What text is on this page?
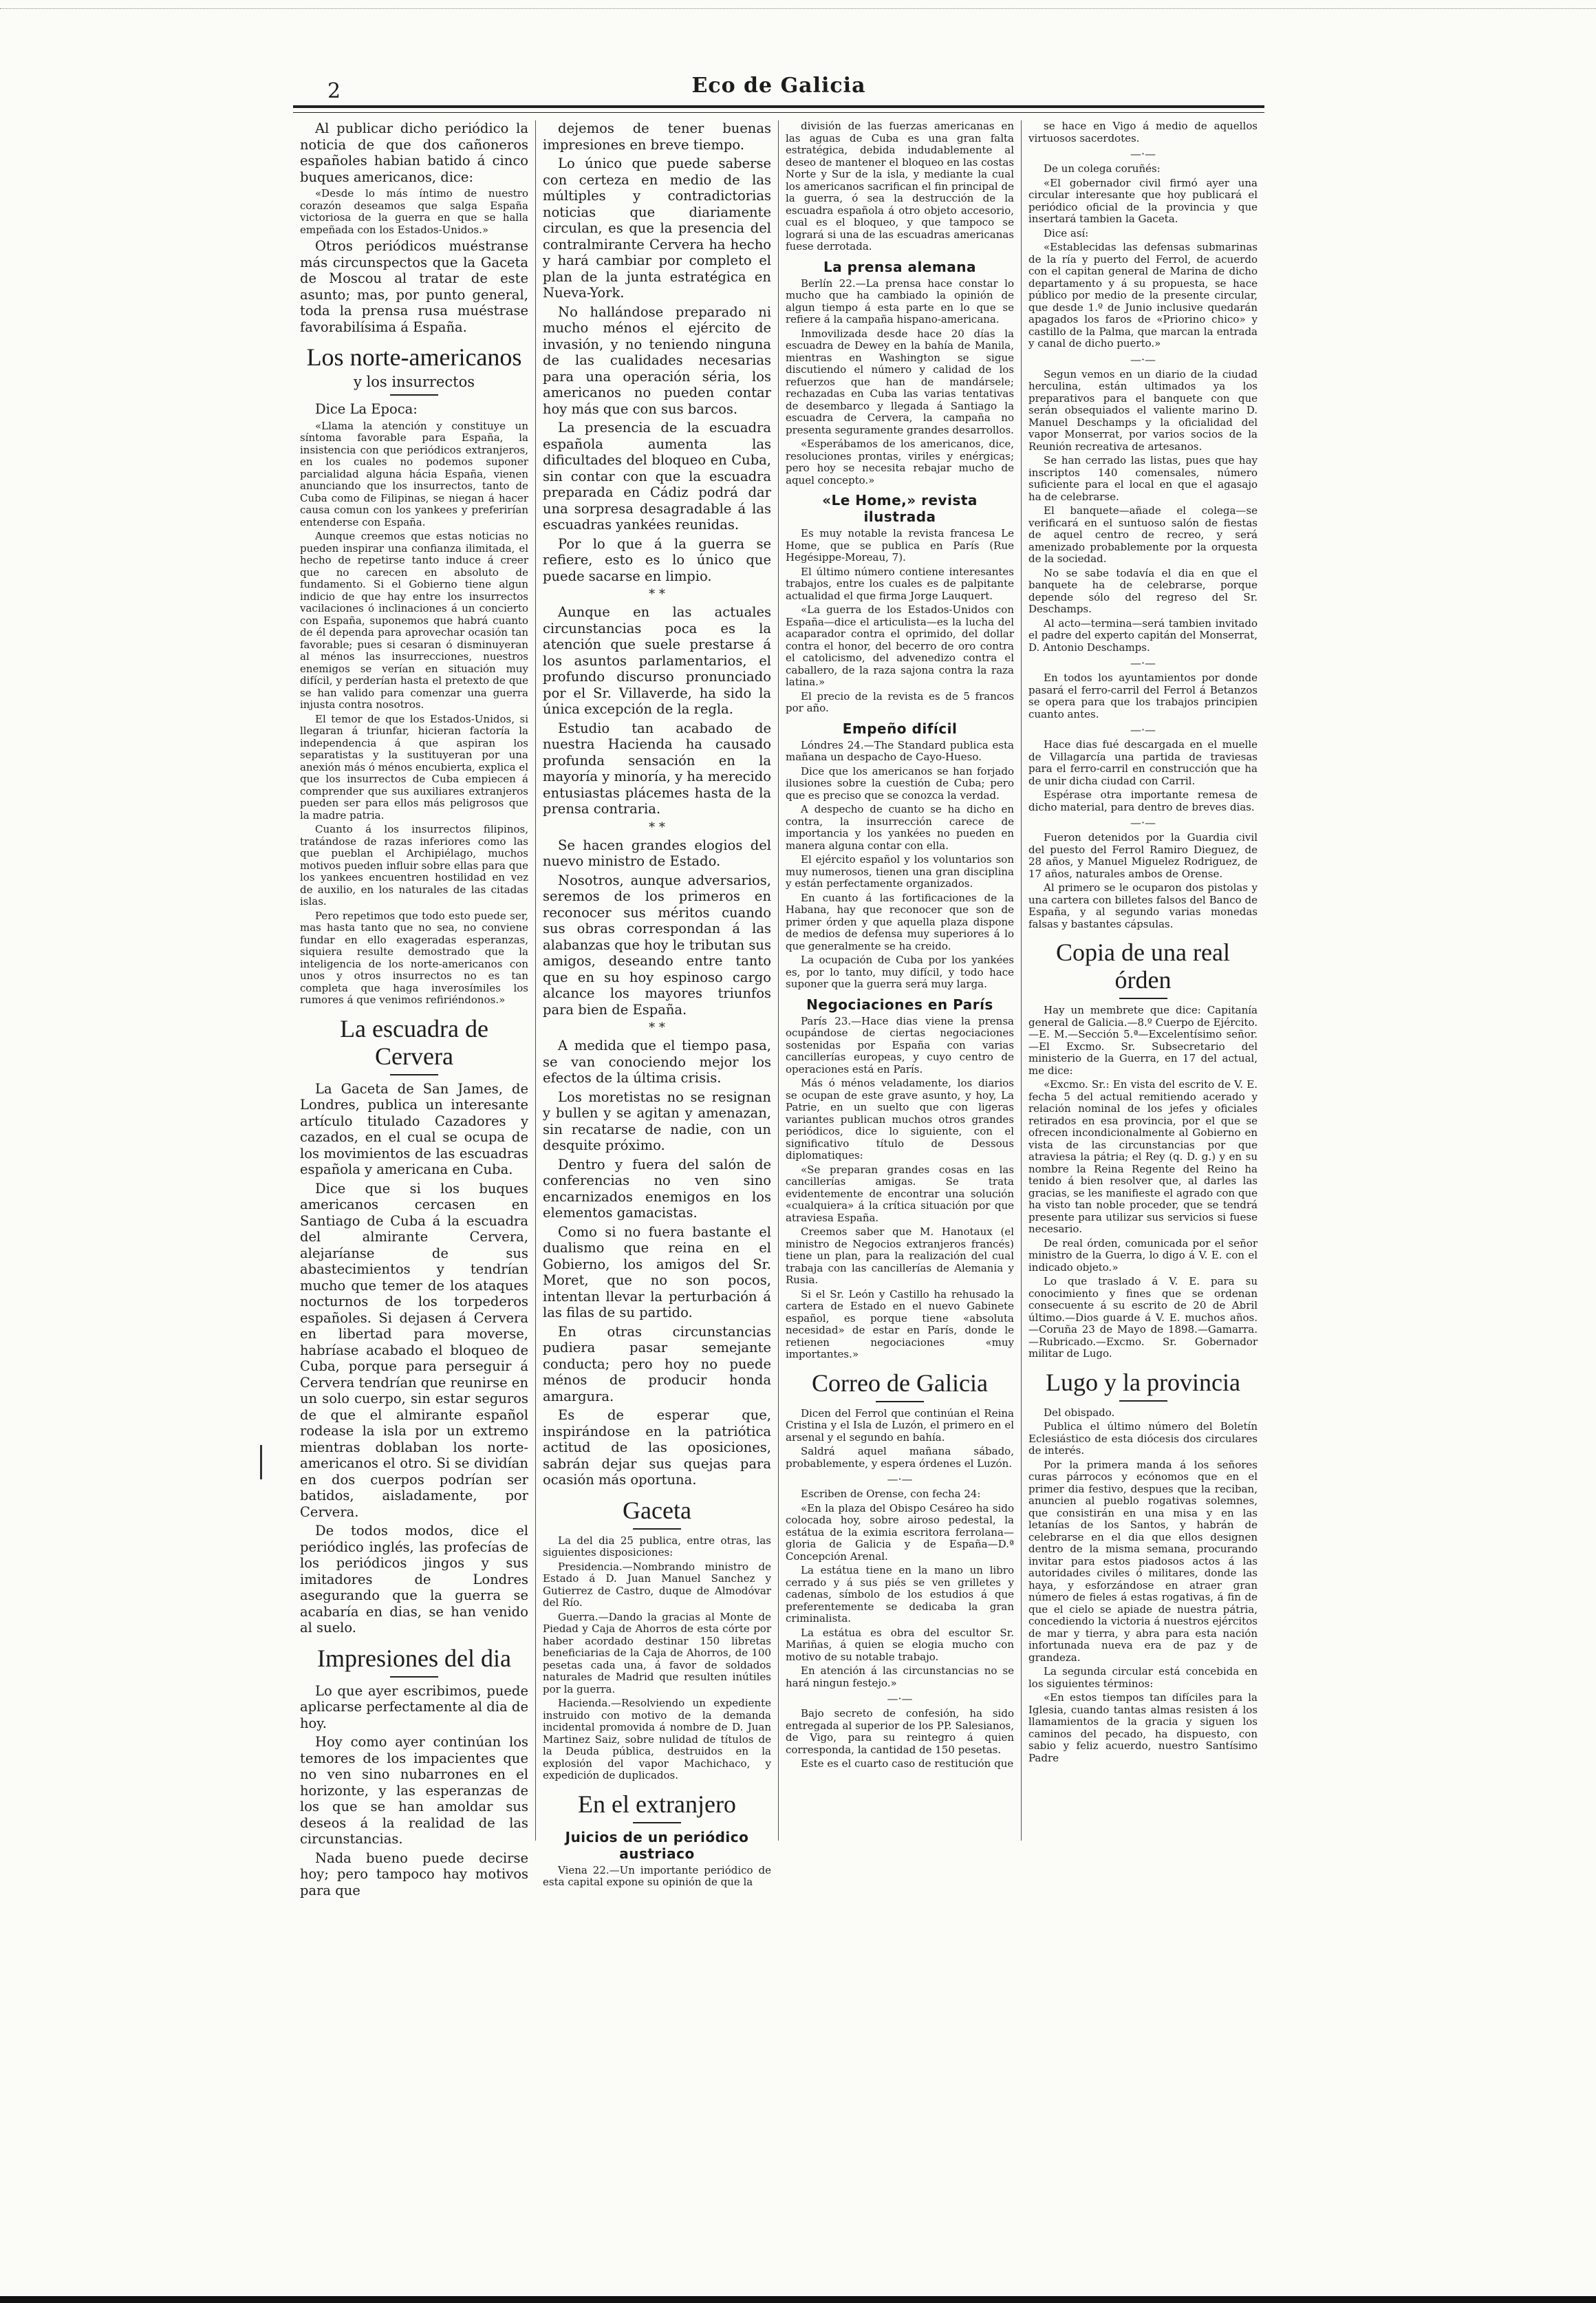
2	Eco de Galicia

Al publicar dicho periódico la noticia de que dos cañoneros españoles habian batido á cinco buques americanos, dice:

«Desde lo más íntimo de nuestro corazón deseamos que salga España victoriosa de la guerra en que se halla empeñada con los Estados-Unidos.»

Otros periódicos muéstranse más circunspectos que la Gaceta de Moscou al tratar de este asunto; mas, por punto general, toda la prensa rusa muéstrase favorabilísima á España.

Los norte-americanos
y los insurrectos

Dice La Epoca:

«Llama la atención y constituye un síntoma favorable para España, la insistencia con que periódicos extranjeros, en los cuales no podemos suponer parcialidad alguna hácia España, vienen anunciando que los insurrectos, tanto de Cuba como de Filipinas, se niegan á hacer causa comun con los yankees y preferirían entenderse con España.

Aunque creemos que estas noticias no pueden inspirar una confianza ilimitada, el hecho de repetirse tanto induce á creer que no carecen en absoluto de fundamento. Si el Gobierno tiene algun indicio de que hay entre los insurrectos vacilaciones ó inclinaciones á un concierto con España, suponemos que habrá cuanto de él dependa para aprovechar ocasión tan favorable; pues si cesaran ó disminuyeran al ménos las insurrecciones, nuestros enemigos se verían en situación muy difícil, y perderían hasta el pretexto de que se han valido para comenzar una guerra injusta contra nosotros.

El temor de que los Estados-Unidos, si llegaran á triunfar, hicieran factoría la independencia á que aspiran los separatistas y la sustituyeran por una anexión más ó ménos encubierta, explica el que los insurrectos de Cuba empiecen á comprender que sus auxiliares extranjeros pueden ser para ellos más peligrosos que la madre patria.

Cuanto á los insurrectos filipinos, tratándose de razas inferiores como las que pueblan el Archipiélago, muchos motivos pueden influir sobre ellas para que los yankees encuentren hostilidad en vez de auxilio, en los naturales de las citadas islas.

Pero repetimos que todo esto puede ser, mas hasta tanto que no sea, no conviene fundar en ello exageradas esperanzas, siquiera resulte demostrado que la inteligencia de los norte-americanos con unos y otros insurrectos no es tan completa que haga inverosímiles los rumores á que venimos refiriéndonos.»

La escuadra de Cervera

La Gaceta de San James, de Londres, publica un interesante artículo titulado Cazadores y cazados, en el cual se ocupa de los movimientos de las escuadras española y americana en Cuba.

Dice que si los buques americanos cercasen en Santiago de Cuba á la escuadra del almirante Cervera, alejaríanse de sus abastecimientos y tendrían mucho que temer de los ataques nocturnos de los torpederos españoles. Si dejasen á Cervera en libertad para moverse, habríase acabado el bloqueo de Cuba, porque para perseguir á Cervera tendrían que reunirse en un solo cuerpo, sin estar seguros de que el almirante español rodease la isla por un extremo mientras doblaban los norte-americanos el otro. Si se dividían en dos cuerpos podrían ser batidos, aisladamente, por Cervera.

De todos modos, dice el periódico inglés, las profecías de los periódicos jingos y sus imitadores de Londres asegurando que la guerra se acabaría en dias, se han venido al suelo.

Impresiones del dia

Lo que ayer escribimos, puede aplicarse perfectamente al dia de hoy.

Hoy como ayer continúan los temores de los impacientes que no ven sino nubarrones en el horizonte, y las esperanzas de los que se han amoldar sus deseos á la realidad de las circunstancias.

Nada bueno puede decirse hoy; pero tampoco hay motivos para que

dejemos de tener buenas impresiones en breve tiempo.

Lo único que puede saberse con certeza en medio de las múltiples y contradictorias noticias que diariamente circulan, es que la presencia del contralmirante Cervera ha hecho y hará cambiar por completo el plan de la junta estratégica en Nueva-York.

No hallándose preparado ni mucho ménos el ejército de invasión, y no teniendo ninguna de las cualidades necesarias para una operación séria, los americanos no pueden contar hoy más que con sus barcos.

La presencia de la escuadra española aumenta las dificultades del bloqueo en Cuba, sin contar con que la escuadra preparada en Cádiz podrá dar una sorpresa desagradable á las escuadras yankées reunidas.

Por lo que á la guerra se refiere, esto es lo único que puede sacarse en limpio.

* *

Aunque en las actuales circunstancias poca es la atención que suele prestarse á los asuntos parlamentarios, el profundo discurso pronunciado por el Sr. Villaverde, ha sido la única excepción de la regla.

Estudio tan acabado de nuestra Hacienda ha causado profunda sensación en la mayoría y minoría, y ha merecido entusiastas plácemes hasta de la prensa contraria.

* *

Se hacen grandes elogios del nuevo ministro de Estado.

Nosotros, aunque adversarios, seremos de los primeros en reconocer sus méritos cuando sus obras correspondan á las alabanzas que hoy le tributan sus amigos, deseando entre tanto que en su hoy espinoso cargo alcance los mayores triunfos para bien de España.

* *

A medida que el tiempo pasa, se van conociendo mejor los efectos de la última crisis.

Los moretistas no se resignan y bullen y se agitan y amenazan, sin recatarse de nadie, con un desquite próximo.

Dentro y fuera del salón de conferencias no ven sino encarnizados enemigos en los elementos gamacistas.

Como si no fuera bastante el dualismo que reina en el Gobierno, los amigos del Sr. Moret, que no son pocos, intentan llevar la perturbación á las filas de su partido.

En otras circunstancias pudiera pasar semejante conducta; pero hoy no puede ménos de producir honda amargura.

Es de esperar que, inspirándose en la patriótica actitud de las oposiciones, sabrán dejar sus quejas para ocasión más oportuna.

Gaceta

La del dia 25 publica, entre otras, las siguientes disposiciones:

Presidencia.—Nombrando ministro de Estado á D. Juan Manuel Sanchez y Gutierrez de Castro, duque de Almodóvar del Río.

Guerra.—Dando la gracias al Monte de Piedad y Caja de Ahorros de esta córte por haber acordado destinar 150 libretas beneficiarias de la Caja de Ahorros, de 100 pesetas cada una, á favor de soldados naturales de Madrid que resulten inútiles por la guerra.

Hacienda.—Resolviendo un expediente instruido con motivo de la demanda incidental promovida á nombre de D. Juan Martinez Saiz, sobre nulidad de títulos de la Deuda pública, destruidos en la explosión del vapor Machichaco, y expedición de duplicados.

En el extranjero
Juicios de un periódico austriaco

Viena 22.—Un importante periódico de esta capital expone su opinión de que la

división de las fuerzas americanas en las aguas de Cuba es una gran falta estratégica, debida indudablemente al deseo de mantener el bloqueo en las costas Norte y Sur de la isla, y mediante la cual los americanos sacrifican el fin principal de la guerra, ó sea la destrucción de la escuadra española á otro objeto accesorio, cual es el bloqueo, y que tampoco se logrará si una de las escuadras americanas fuese derrotada.

La prensa alemana

Berlín 22.—La prensa hace constar lo mucho que ha cambiado la opinión de algun tiempo á esta parte en lo que se refiere á la campaña hispano-americana.

Inmovilizada desde hace 20 días la escuadra de Dewey en la bahía de Manila, mientras en Washington se sigue discutiendo el número y calidad de los refuerzos que han de mandársele; rechazadas en Cuba las varias tentativas de desembarco y llegada á Santiago la escuadra de Cervera, la campaña no presenta seguramente grandes desarrollos.

«Esperábamos de los americanos, dice, resoluciones prontas, viriles y enérgicas; pero hoy se necesita rebajar mucho de aquel concepto.»

«Le Home,» revista ilustrada

Es muy notable la revista francesa Le Home, que se publica en París (Rue Hegésippe-Moreau, 7).

El último número contiene interesantes trabajos, entre los cuales es de palpitante actualidad el que firma Jorge Lauquert.

«La guerra de los Estados-Unidos con España—dice el articulista—es la lucha del acaparador contra el oprimido, del dollar contra el honor, del becerro de oro contra el catolicismo, del advenedizo contra el caballero, de la raza sajona contra la raza latina.»

El precio de la revista es de 5 francos por año.

Empeño difícil

Lóndres 24.—The Standard publica esta mañana un despacho de Cayo-Hueso.

Dice que los americanos se han forjado ilusiones sobre la cuestión de Cuba; pero que es preciso que se conozca la verdad.

A despecho de cuanto se ha dicho en contra, la insurrección carece de importancia y los yankées no pueden en manera alguna contar con ella.

El ejército español y los voluntarios son muy numerosos, tienen una gran disciplina y están perfectamente organizados.

En cuanto á las fortificaciones de la Habana, hay que reconocer que son de primer órden y que aquella plaza dispone de medios de defensa muy superiores á lo que generalmente se ha creido.

La ocupación de Cuba por los yankées es, por lo tanto, muy difícil, y todo hace suponer que la guerra será muy larga.

Negociaciones en París

París 23.—Hace dias viene la prensa ocupándose de ciertas negociaciones sostenidas por España con varias cancillerías europeas, y cuyo centro de operaciones está en París.

Más ó ménos veladamente, los diarios se ocupan de este grave asunto, y hoy, La Patrie, en un suelto que con ligeras variantes publican muchos otros grandes periódicos, dice lo siguiente, con el significativo título de Dessous diplomatiques:

«Se preparan grandes cosas en las cancillerías amigas. Se trata evidentemente de encontrar una solución «cualquiera» á la crítica situación por que atraviesa España.

Creemos saber que M. Hanotaux (el ministro de Negocios extranjeros francés) tiene un plan, para la realización del cual trabaja con las cancillerías de Alemania y Rusia.

Si el Sr. León y Castillo ha rehusado la cartera de Estado en el nuevo Gabinete español, es porque tiene «absoluta necesidad» de estar en París, donde le retienen negociaciones «muy importantes.»

Correo de Galicia

Dicen del Ferrol que continúan el Reina Cristina y el Isla de Luzón, el primero en el arsenal y el segundo en bahía.

Saldrá aquel mañana sábado, probablemente, y espera órdenes el Luzón.

—·—

Escriben de Orense, con fecha 24:

«En la plaza del Obispo Cesáreo ha sido colocada hoy, sobre airoso pedestal, la estátua de la eximia escritora ferrolana—gloria de Galicia y de España—D.ª Concepción Arenal.

La estátua tiene en la mano un libro cerrado y á sus piés se ven grilletes y cadenas, símbolo de los estudios á que preferentemente se dedicaba la gran criminalista.

La estátua es obra del escultor Sr. Mariñas, á quien se elogia mucho con motivo de su notable trabajo.

En atención á las circunstancias no se hará ningun festejo.»

—·—

Bajo secreto de confesión, ha sido entregada al superior de los PP. Salesianos, de Vigo, para su reintegro á quien corresponda, la cantidad de 150 pesetas.

Este es el cuarto caso de restitución que

se hace en Vigo á medio de aquellos virtuosos sacerdotes.

—·—

De un colega coruñés:

«El gobernador civil firmó ayer una circular interesante que hoy publicará el periódico oficial de la provincia y que insertará tambien la Gaceta.

Dice así:

«Establecidas las defensas submarinas de la ría y puerto del Ferrol, de acuerdo con el capitan general de Marina de dicho departamento y á su propuesta, se hace público por medio de la presente circular, que desde 1.º de Junio inclusive quedarán apagados los faros de «Priorino chico» y castillo de la Palma, que marcan la entrada y canal de dicho puerto.»

—·—

Segun vemos en un diario de la ciudad herculina, están ultimados ya los preparativos para el banquete con que serán obsequiados el valiente marino D. Manuel Deschamps y la oficialidad del vapor Monserrat, por varios socios de la Reunión recreativa de artesanos.

Se han cerrado las listas, pues que hay inscriptos 140 comensales, número suficiente para el local en que el agasajo ha de celebrarse.

El banquete—añade el colega—se verificará en el suntuoso salón de fiestas de aquel centro de recreo, y será amenizado probablemente por la orquesta de la sociedad.

No se sabe todavía el dia en que el banquete ha de celebrarse, porque depende sólo del regreso del Sr. Deschamps.

Al acto—termina—será tambien invitado el padre del experto capitán del Monserrat, D. Antonio Deschamps.

—·—

En todos los ayuntamientos por donde pasará el ferro-carril del Ferrol á Betanzos se opera para que los trabajos principien cuanto antes.

—·—

Hace dias fué descargada en el muelle de Villagarcía una partida de traviesas para el ferro-carril en construcción que ha de unir dicha ciudad con Carril.

Espérase otra importante remesa de dicho material, para dentro de breves dias.

—·—

Fueron detenidos por la Guardia civil del puesto del Ferrol Ramiro Dieguez, de 28 años, y Manuel Miguelez Rodriguez, de 17 años, naturales ambos de Orense.

Al primero se le ocuparon dos pistolas y una cartera con billetes falsos del Banco de España, y al segundo varias monedas falsas y bastantes cápsulas.

Copia de una real órden

Hay un membrete que dice: Capitanía general de Galicia.—8.º Cuerpo de Ejército.—E. M.—Sección 5.ª—Excelentísimo señor.—El Excmo. Sr. Subsecretario del ministerio de la Guerra, en 17 del actual, me dice:

«Excmo. Sr.: En vista del escrito de V. E. fecha 5 del actual remitiendo acerado y relación nominal de los jefes y oficiales retirados en esa provincia, por el que se ofrecen incondicionalmente al Gobierno en vista de las circunstancias por que atraviesa la pátria; el Rey (q. D. g.) y en su nombre la Reina Regente del Reino ha tenido á bien resolver que, al darles las gracias, se les manifieste el agrado con que ha visto tan noble proceder, que se tendrá presente para utilizar sus servicios si fuese necesario.

De real órden, comunicada por el señor ministro de la Guerra, lo digo á V. E. con el indicado objeto.»

Lo que traslado á V. E. para su conocimiento y fines que se ordenan consecuente á su escrito de 20 de Abril último.—Dios guarde á V. E. muchos años.—Coruña 23 de Mayo de 1898.—Gamarra.—Rubricado.—Excmo. Sr. Gobernador militar de Lugo.

Lugo y la provincia

Del obispado.

Publica el último número del Boletín Eclesiástico de esta diócesis dos circulares de interés.

Por la primera manda á los señores curas párrocos y ecónomos que en el primer dia festivo, despues que la reciban, anuncien al pueblo rogativas solemnes, que consistirán en una misa y en las letanías de los Santos, y habrán de celebrarse en el dia que ellos designen dentro de la misma semana, procurando invitar para estos piadosos actos á las autoridades civiles ó militares, donde las haya, y esforzándose en atraer gran número de fieles á estas rogativas, á fin de que el cielo se apiade de nuestra pátria, concediendo la victoria á nuestros ejércitos de mar y tierra, y abra para esta nación infortunada nueva era de paz y de grandeza.

La segunda circular está concebida en los siguientes términos:

«En estos tiempos tan difíciles para la Iglesia, cuando tantas almas resisten á los llamamientos de la gracia y siguen los caminos del pecado, ha dispuesto, con sabio y feliz acuerdo, nuestro Santísimo Padre
